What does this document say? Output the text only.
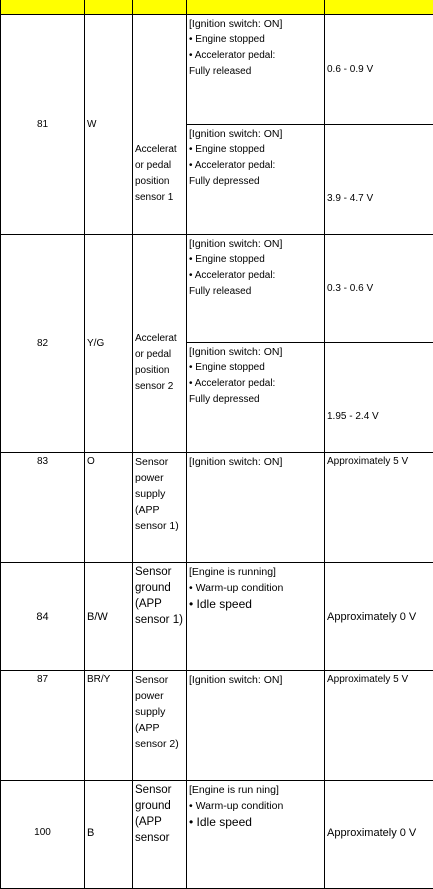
81	W	Accelerat
or pedal
position
sensor 1	[Ignition switch: ON]
• Engine stopped
• Accelerator pedal:
Fully released	0.6 - 0.9 V

			[Ignition switch: ON]
• Engine stopped
• Accelerator pedal:
Fully depressed	3.9 - 4.7 V
82	Y/G	Accelerat
or pedal
position
sensor 2	[Ignition switch: ON]
• Engine stopped
• Accelerator pedal:
Fully released	0.3 - 0.6 V

			[Ignition switch: ON]
• Engine stopped
• Accelerator pedal:
Fully depressed	1.95 - 2.4 V
83	O	Sensor
power
supply
(APP
sensor 1)	[Ignition switch: ON]	Approximately 5 V
84	B/W	Sensor
ground
(APP
sensor 1)	[Engine is running]
• Warm-up condition
• Idle speed	Approximately 0 V
87	BR/Y	Sensor
power
supply
(APP
sensor 2)	[Ignition switch: ON]	Approximately 5 V
100	B	Sensor
ground
(APP
sensor	[Engine is run ning]
• Warm-up condition
• Idle speed	Approximately 0 V
